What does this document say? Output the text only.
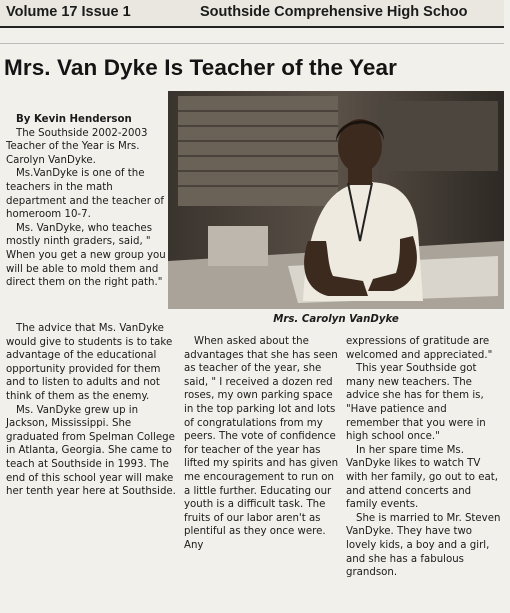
Volume 17 Issue 1	Southside Comprehensive High Schoo
Mrs. Van Dyke Is Teacher of the Year
By Kevin Henderson

The Southside 2002-2003 Teacher of the Year is Mrs. Carolyn VanDyke.

Ms.VanDyke is one of the teachers in the math department and the teacher of homeroom 10-7.

Ms. VanDyke, who teaches mostly ninth graders, said, " When you get a new group you will be able to mold them and direct them on the right path."

Mrs. Carolyn VanDyke

The advice that Ms. VanDyke would give to students is to take advantage of the educational opportunity provided for them and to listen to adults and not think of them as the enemy.

Ms. VanDyke grew up in Jackson, Mississippi. She graduated from Spelman College in Atlanta, Georgia. She came to teach at Southside in 1993. The end of this school year will make her tenth year here at Southside.

When asked about the advantages that she has seen as teacher of the year, she said, " I received a dozen red roses, my own parking space in the top parking lot and lots of congratulations from my peers. The vote of confidence for teacher of the year has lifted my spirits and has given me encouragement to run on a little further. Educating our youth is a difficult task. The fruits of our labor aren't as plentiful as they once were. Any

expressions of gratitude are welcomed and appreciated."

This year Southside got many new teachers. The advice she has for them is, "Have patience and remember that you were in high school once."

In her spare time Ms. VanDyke likes to watch TV with her family, go out to eat, and attend concerts and family events.

She is married to Mr. Steven VanDyke. They have two lovely kids, a boy and a girl, and she has a fabulous grandson.
